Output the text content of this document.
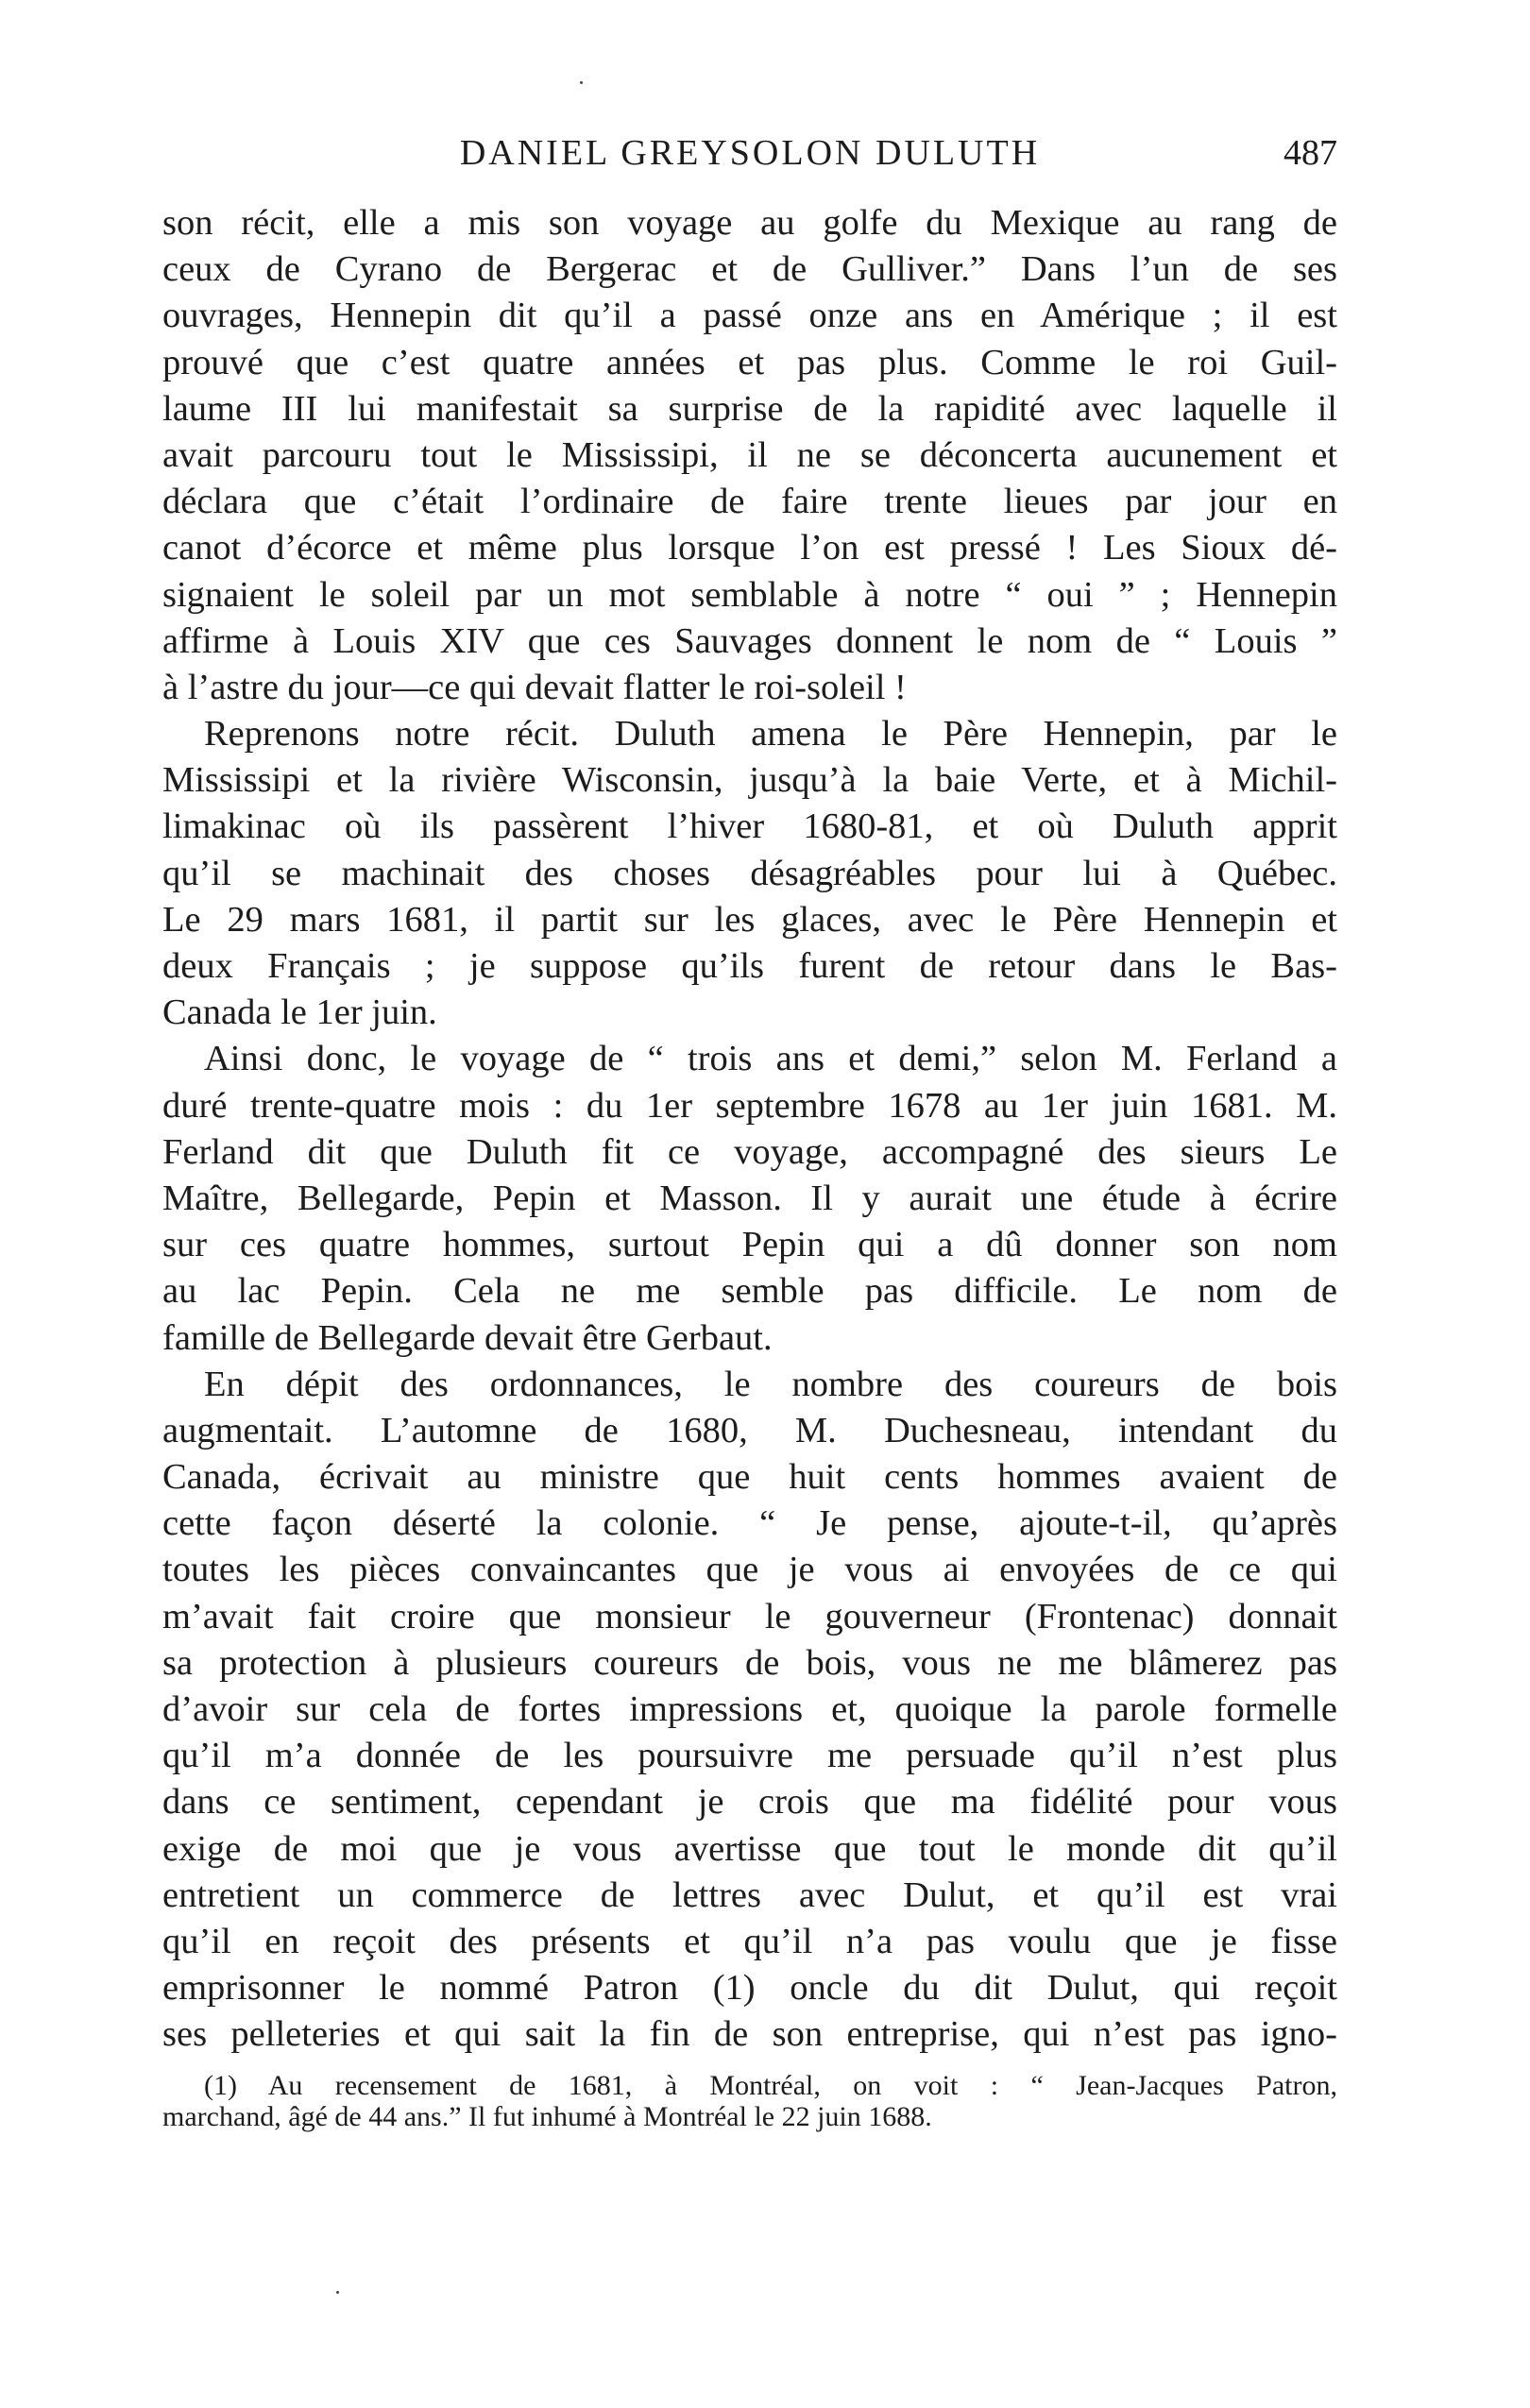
DANIEL GREYSOLON DULUTH	487
son récit, elle a mis son voyage au golfe du Mexique au rang de
ceux de Cyrano de Bergerac et de Gulliver.” Dans l’un de ses
ouvrages, Hennepin dit qu’il a passé onze ans en Amérique ; il est
prouvé que c’est quatre années et pas plus. Comme le roi Guil-
laume III lui manifestait sa surprise de la rapidité avec laquelle il
avait parcouru tout le Mississipi, il ne se déconcerta aucunement et
déclara que c’était l’ordinaire de faire trente lieues par jour en
canot d’écorce et même plus lorsque l’on est pressé ! Les Sioux dé-
signaient le soleil par un mot semblable à notre “ oui ” ; Hennepin
affirme à Louis XIV que ces Sauvages donnent le nom de “ Louis ”
à l’astre du jour—ce qui devait flatter le roi-soleil !
Reprenons notre récit. Duluth amena le Père Hennepin, par le
Mississipi et la rivière Wisconsin, jusqu’à la baie Verte, et à Michil-
limakinac où ils passèrent l’hiver 1680-81, et où Duluth apprit
qu’il se machinait des choses désagréables pour lui à Québec.
Le 29 mars 1681, il partit sur les glaces, avec le Père Hennepin et
deux Français ; je suppose qu’ils furent de retour dans le Bas-
Canada le 1er juin.
Ainsi donc, le voyage de “ trois ans et demi,” selon M. Ferland a
duré trente-quatre mois : du 1er septembre 1678 au 1er juin 1681. M.
Ferland dit que Duluth fit ce voyage, accompagné des sieurs Le
Maître, Bellegarde, Pepin et Masson. Il y aurait une étude à écrire
sur ces quatre hommes, surtout Pepin qui a dû donner son nom
au lac Pepin. Cela ne me semble pas difficile. Le nom de
famille de Bellegarde devait être Gerbaut.
En dépit des ordonnances, le nombre des coureurs de bois
augmentait. L’automne de 1680, M. Duchesneau, intendant du
Canada, écrivait au ministre que huit cents hommes avaient de
cette façon déserté la colonie. “ Je pense, ajoute-t-il, qu’après
toutes les pièces convaincantes que je vous ai envoyées de ce qui
m’avait fait croire que monsieur le gouverneur (Frontenac) donnait
sa protection à plusieurs coureurs de bois, vous ne me blâmerez pas
d’avoir sur cela de fortes impressions et, quoique la parole formelle
qu’il m’a donnée de les poursuivre me persuade qu’il n’est plus
dans ce sentiment, cependant je crois que ma fidélité pour vous
exige de moi que je vous avertisse que tout le monde dit qu’il
entretient un commerce de lettres avec Dulut, et qu’il est vrai
qu’il en reçoit des présents et qu’il n’a pas voulu que je fisse
emprisonner le nommé Patron (1) oncle du dit Dulut, qui reçoit
ses pelleteries et qui sait la fin de son entreprise, qui n’est pas igno-
(1) Au recensement de 1681, à Montréal, on voit : “ Jean-Jacques Patron,
marchand, âgé de 44 ans.” Il fut inhumé à Montréal le 22 juin 1688.
